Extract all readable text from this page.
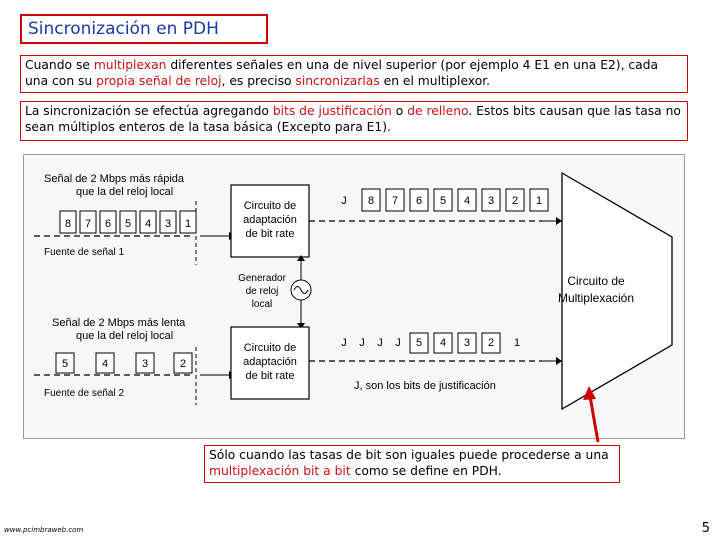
Sincronización en PDH
Cuando se multiplexan diferentes señales en una de nivel superior (por ejemplo 4 E1 en una E2), cada una con su propia señal de reloj, es preciso sincronizarlas en el multiplexor.
La sincronización se efectúa agregando bits de justificación o de relleno. Estos bits causan que las tasa no sean múltiplos enteros de la tasa básica (Excepto para E1).
Señal de 2 Mbps más rápida
que la del reloj local
8 7 6 5 4 3 1
Fuente de señal 1
Señal de 2 Mbps más lenta
que la del reloj local
5	4	3	2
Fuente de señal 2
Circuito de
adaptación
de bit rate
Generador
de reloj
local
Circuito de
adaptación
de bit rate
J 8 7 6 5 4 3 2 1
J J J J 5 4 3 2 1
J, son los bits de justificación
Circuito de
Multiplexación
Sólo cuando las tasas de bit son iguales puede procederse a una multiplexación bit a bit como se define en PDH.
www.pcimbraweb.com	5
